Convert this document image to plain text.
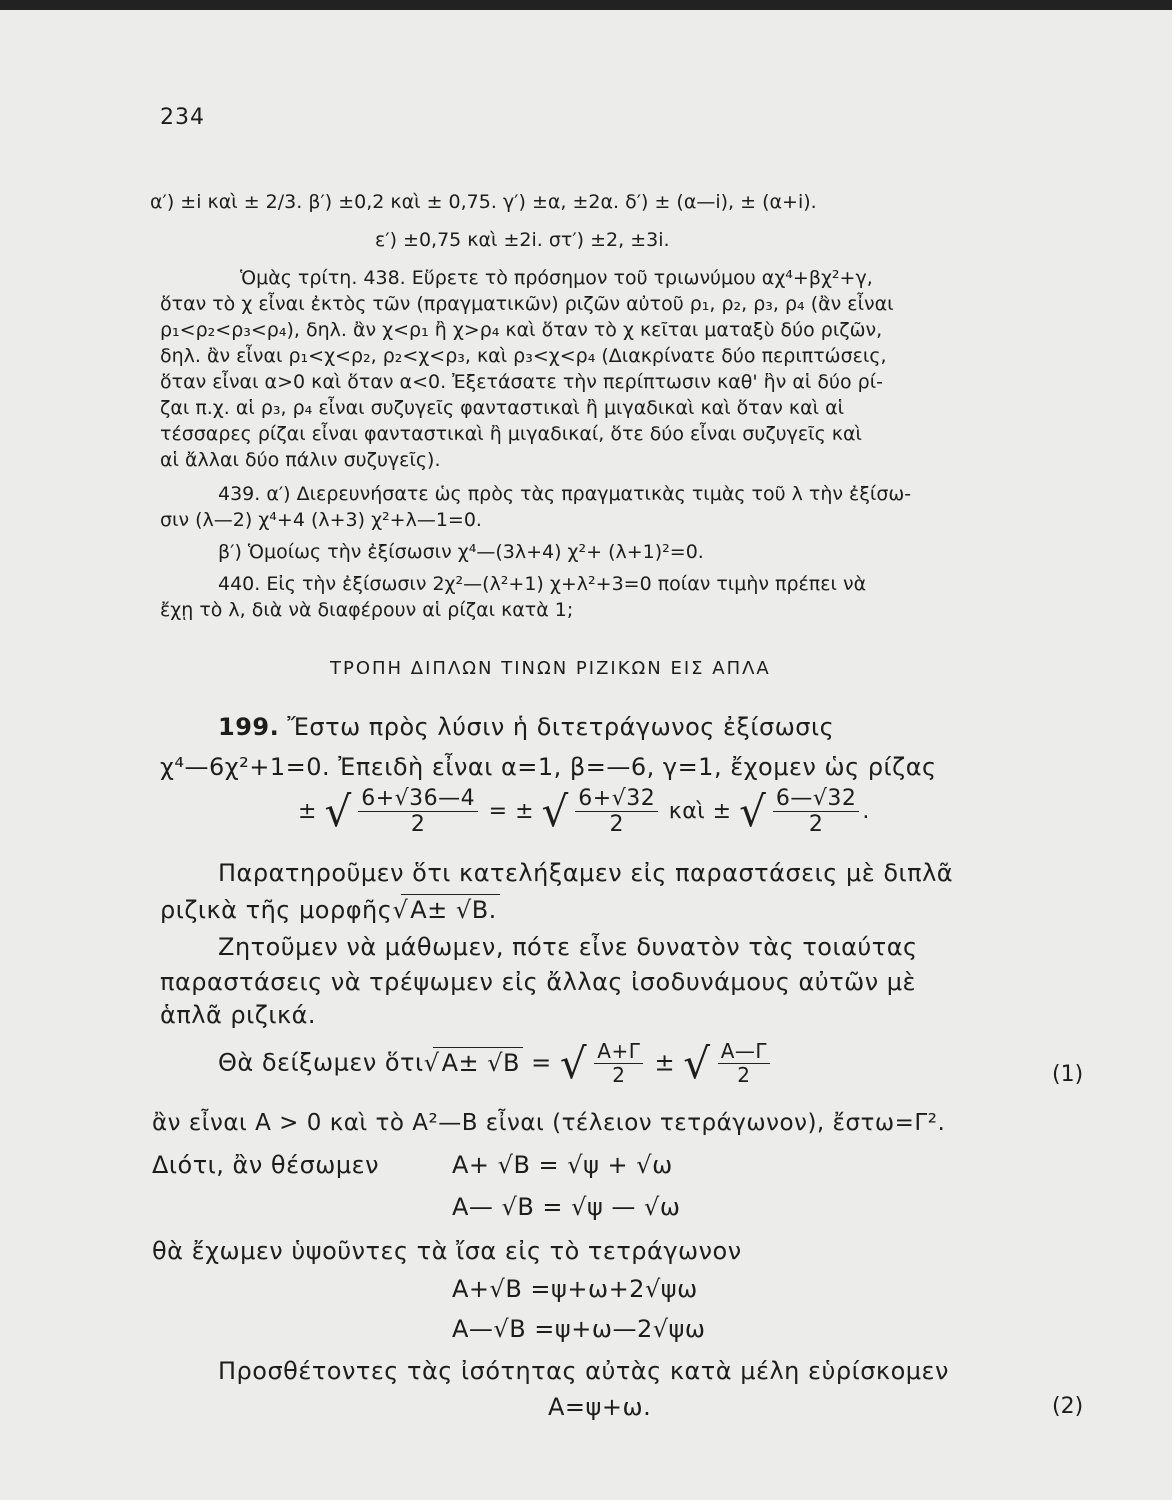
234
α′) ±i καὶ ± 2/3. β′) ±0,2 καὶ ± 0,75. γ′) ±α, ±2α. δ′) ± (α—i), ± (α+i).
ε′) ±0,75 καὶ ±2i. στ′) ±2, ±3i.
Ὁμὰς τρίτη. 438. Εὕρετε τὸ πρόσημον τοῦ τριωνύμου αχ⁴+βχ²+γ,
ὅταν τὸ χ εἶναι ἐκτὸς τῶν (πραγματικῶν) ριζῶν αὐτοῦ ρ₁, ρ₂, ρ₃, ρ₄ (ἂν εἶναι
ρ₁<ρ₂<ρ₃<ρ₄), δηλ. ἂν χ<ρ₁ ἢ χ>ρ₄ καὶ ὅταν τὸ χ κεῖται ματαξὺ δύο ριζῶν,
δηλ. ἂν εἶναι ρ₁<χ<ρ₂, ρ₂<χ<ρ₃, καὶ ρ₃<χ<ρ₄ (Διακρίνατε δύο περιπτώσεις,
ὅταν εἶναι α>0 καὶ ὅταν α<0. Ἐξετάσατε τὴν περίπτωσιν καθ' ἣν αἱ δύο ρί-
ζαι π.χ. αἱ ρ₃, ρ₄ εἶναι συζυγεῖς φανταστικαὶ ἢ μιγαδικαὶ καὶ ὅταν καὶ αἱ
τέσσαρες ρίζαι εἶναι φανταστικαὶ ἢ μιγαδικαί, ὅτε δύο εἶναι συζυγεῖς καὶ
αἱ ἄλλαι δύο πάλιν συζυγεῖς).
439. α′) Διερευνήσατε ὡς πρὸς τὰς πραγματικὰς τιμὰς τοῦ λ τὴν ἐξίσω-
σιν (λ—2) χ⁴+4 (λ+3) χ²+λ—1=0.
β′) Ὁμοίως τὴν ἐξίσωσιν χ⁴—(3λ+4) χ²+ (λ+1)²=0.
440. Εἰς τὴν ἐξίσωσιν 2χ²—(λ²+1) χ+λ²+3=0 ποίαν τιμὴν πρέπει νὰ
ἔχῃ τὸ λ, διὰ νὰ διαφέρουν αἱ ρίζαι κατὰ 1;
ΤΡΟΠΗ ΔΙΠΛΩΝ ΤΙΝΩΝ ΡΙΖΙΚΩΝ ΕΙΣ ΑΠΛΑ
199. Ἔστω πρὸς λύσιν ἡ διτετράγωνος ἐξίσωσις
χ⁴—6χ²+1=0. Ἐπειδὴ εἶναι α=1, β=—6, γ=1, ἔχομεν ὡς ρίζας
± √ $\frac{6+√36—4}{2}$ = ± √ $\frac{6+√32}{2}$ καὶ ± √ $\frac{6—√32}{2}$ .
Παρατηροῦμεν ὅτι κατελήξαμεν εἰς παραστάσεις μὲ διπλᾶ
ριζικὰ τῆς μορφῆς √ A± √B.
Ζητοῦμεν νὰ μάθωμεν, πότε εἶνε δυνατὸν τὰς τοιαύτας
παραστάσεις νὰ τρέψωμεν εἰς ἄλλας ἰσοδυνάμους αὐτῶν μὲ
ἁπλᾶ ριζικά.
Θὰ δείξωμεν ὅτι √ A± √B = √ $\frac{A+\Gamma}{2}$ ± √ $\frac{A—\Gamma}{2}$	(1)
ἂν εἶναι A > 0 καὶ τὸ A²—B εἶναι (τέλειον τετράγωνον), ἔστω=Γ².
Διότι, ἂν θέσωμεν	A+ √B = √ψ + √ω
A— √B = √ψ — √ω
θὰ ἔχωμεν ὑψοῦντες τὰ ἴσα εἰς τὸ τετράγωνον
A+√B =ψ+ω+2√ψω
A—√B =ψ+ω—2√ψω
Προσθέτοντες τὰς ἰσότητας αὐτὰς κατὰ μέλη εὑρίσκομεν
A=ψ+ω.	(2)
